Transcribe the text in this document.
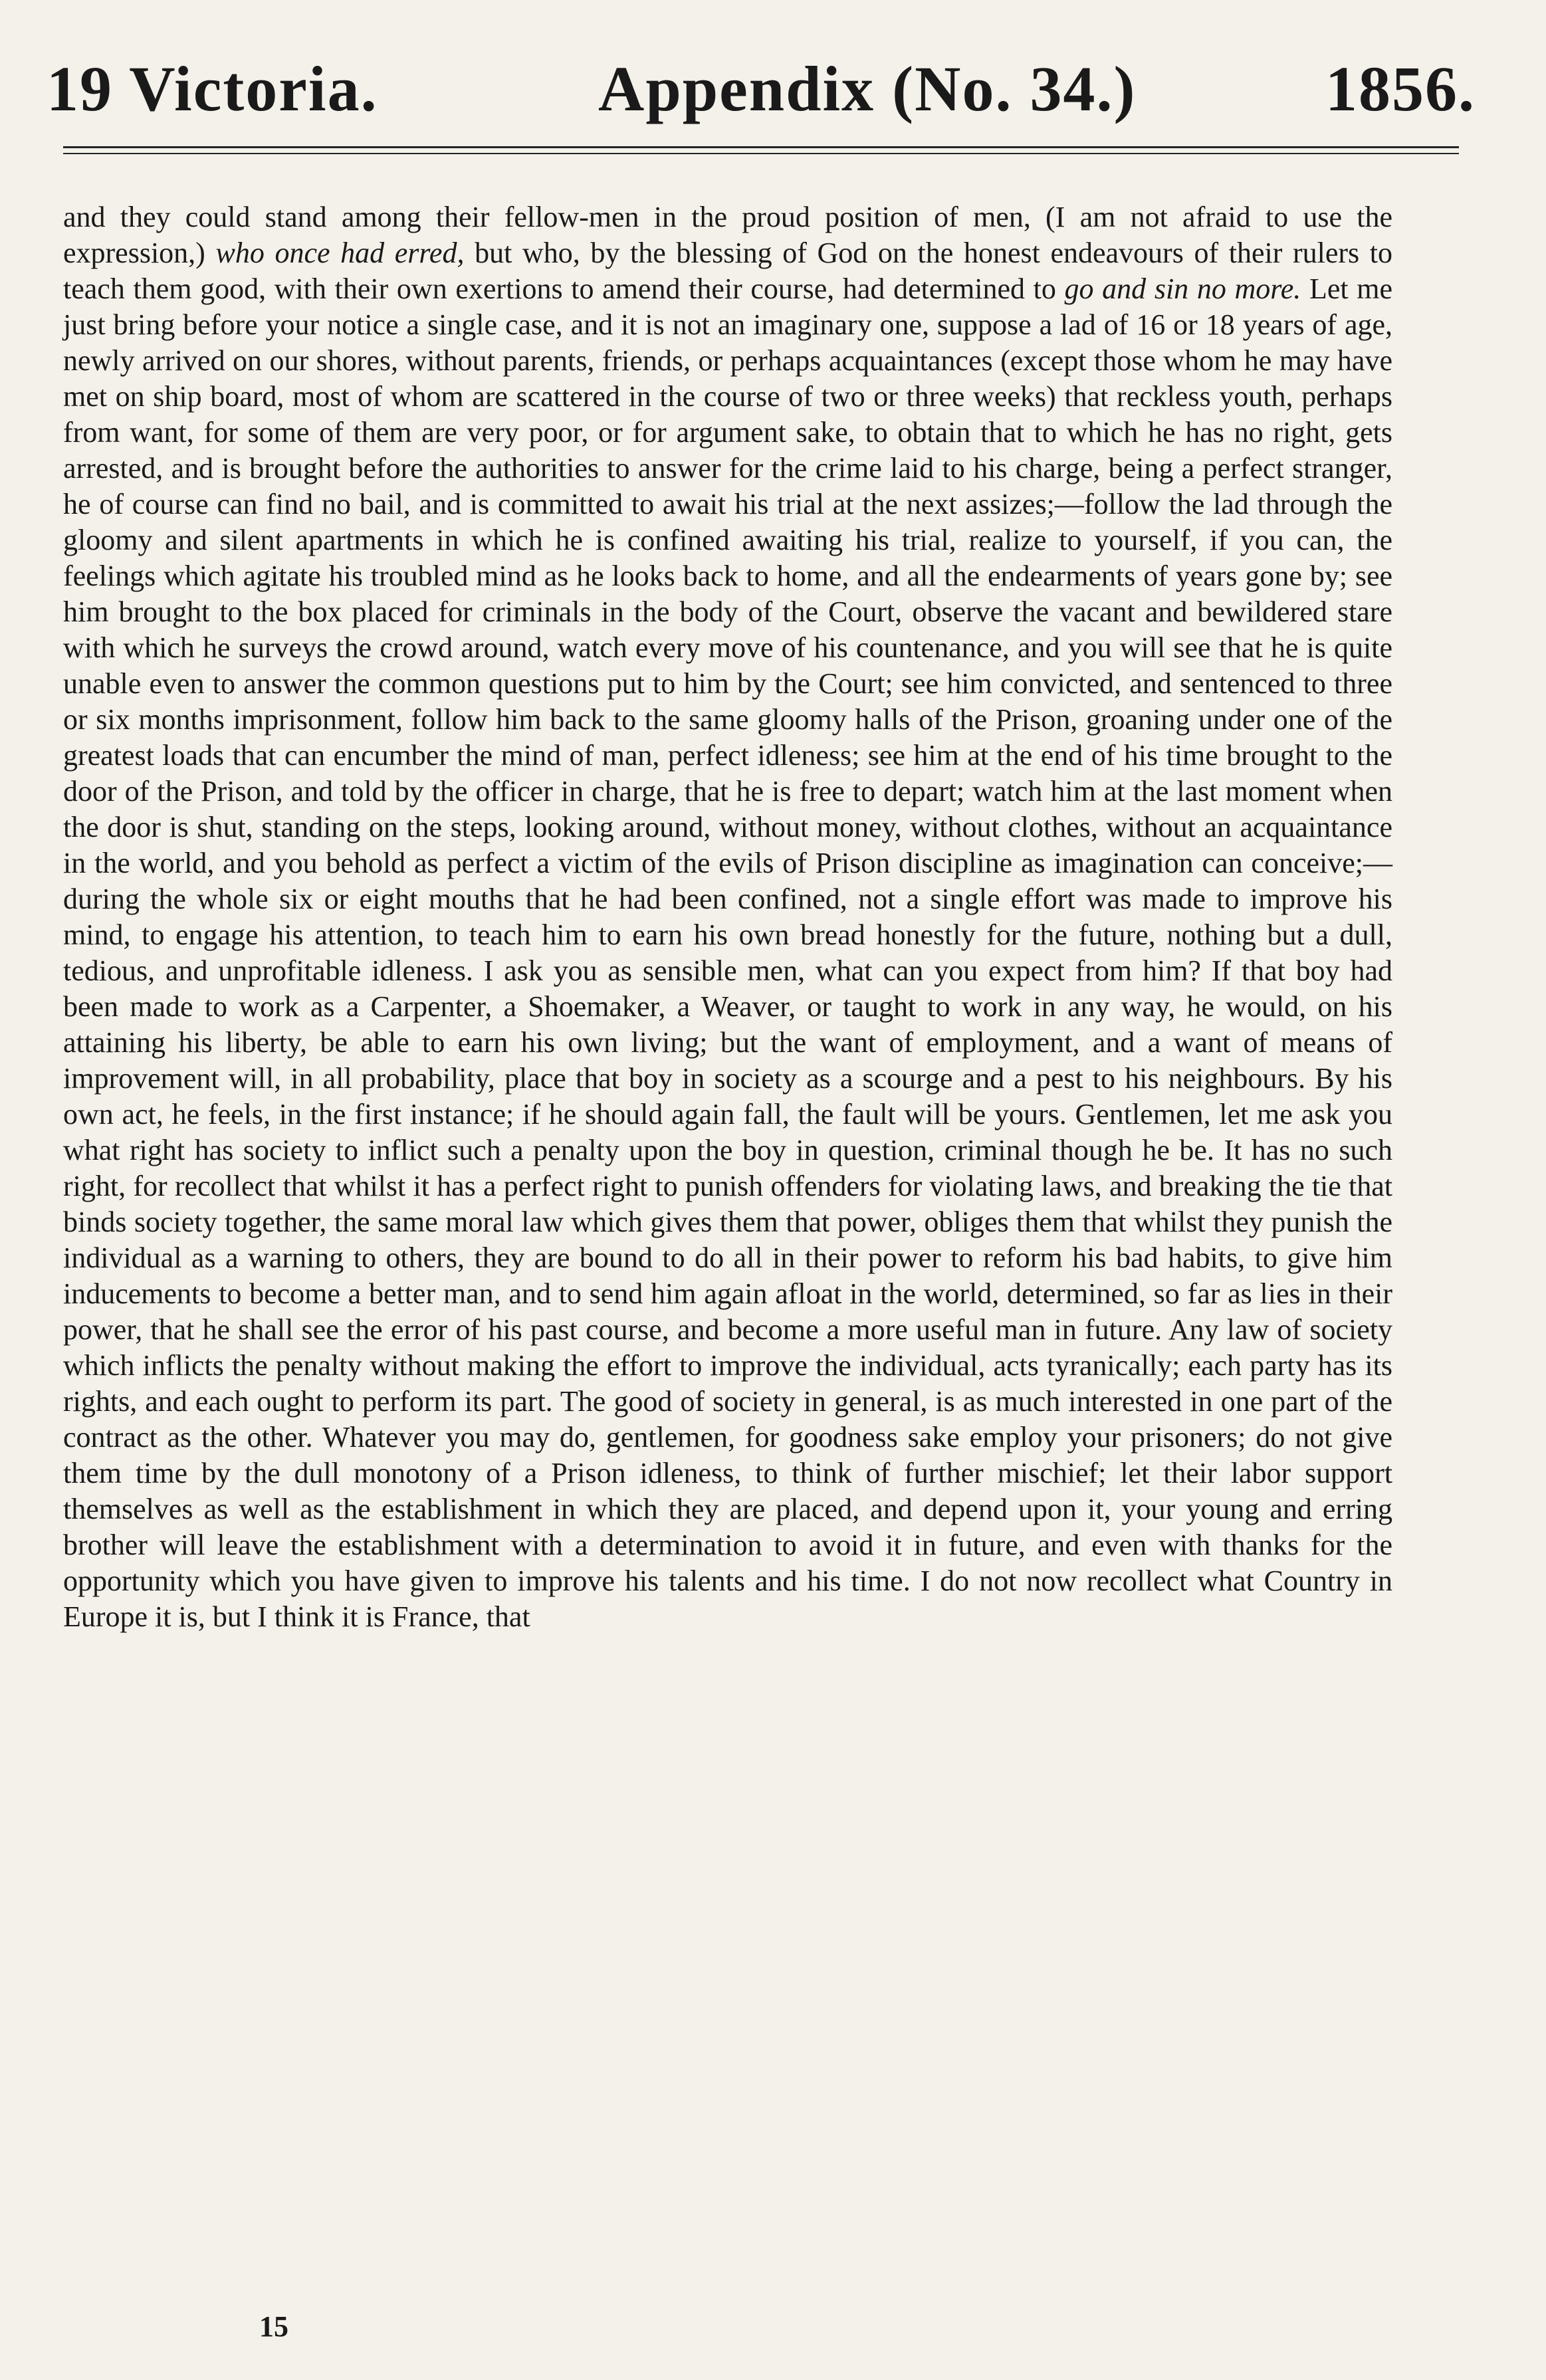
19 Victoria.	Appendix (No. 34.)	1856.

and they could stand among their fellow-men in the proud position of men, (I am not afraid to use the expression,) who once had erred, but who, by the blessing of God on the honest endeavours of their rulers to teach them good, with their own exertions to amend their course, had determined to go and sin no more. Let me just bring before your notice a single case, and it is not an imaginary one, suppose a lad of 16 or 18 years of age, newly arrived on our shores, without parents, friends, or perhaps acquaintances (except those whom he may have met on ship board, most of whom are scattered in the course of two or three weeks) that reckless youth, perhaps from want, for some of them are very poor, or for argument sake, to obtain that to which he has no right, gets arrested, and is brought before the authorities to answer for the crime laid to his charge, being a perfect stranger, he of course can find no bail, and is committed to await his trial at the next assizes;—follow the lad through the gloomy and silent apartments in which he is confined awaiting his trial, realize to yourself, if you can, the feelings which agitate his troubled mind as he looks back to home, and all the endearments of years gone by; see him brought to the box placed for criminals in the body of the Court, observe the vacant and bewildered stare with which he surveys the crowd around, watch every move of his countenance, and you will see that he is quite unable even to answer the common questions put to him by the Court; see him convicted, and sentenced to three or six months imprisonment, follow him back to the same gloomy halls of the Prison, groaning under one of the greatest loads that can encumber the mind of man, perfect idleness; see him at the end of his time brought to the door of the Prison, and told by the officer in charge, that he is free to depart; watch him at the last moment when the door is shut, standing on the steps, looking around, without money, without clothes, without an acquaintance in the world, and you behold as perfect a victim of the evils of Prison discipline as imagination can conceive;—during the whole six or eight mouths that he had been confined, not a single effort was made to improve his mind, to engage his attention, to teach him to earn his own bread honestly for the future, nothing but a dull, tedious, and unprofitable idleness. I ask you as sensible men, what can you expect from him? If that boy had been made to work as a Carpenter, a Shoemaker, a Weaver, or taught to work in any way, he would, on his attaining his liberty, be able to earn his own living; but the want of employment, and a want of means of improvement will, in all probability, place that boy in society as a scourge and a pest to his neighbours. By his own act, he feels, in the first instance; if he should again fall, the fault will be yours. Gentlemen, let me ask you what right has society to inflict such a penalty upon the boy in question, criminal though he be. It has no such right, for recollect that whilst it has a perfect right to punish offenders for violating laws, and breaking the tie that binds society together, the same moral law which gives them that power, obliges them that whilst they punish the individual as a warning to others, they are bound to do all in their power to reform his bad habits, to give him inducements to become a better man, and to send him again afloat in the world, determined, so far as lies in their power, that he shall see the error of his past course, and become a more useful man in future. Any law of society which inflicts the penalty without making the effort to improve the individual, acts tyranically; each party has its rights, and each ought to perform its part. The good of society in general, is as much interested in one part of the contract as the other. Whatever you may do, gentlemen, for goodness sake employ your prisoners; do not give them time by the dull monotony of a Prison idleness, to think of further mischief; let their labor support themselves as well as the establishment in which they are placed, and depend upon it, your young and erring brother will leave the establishment with a determination to avoid it in future, and even with thanks for the opportunity which you have given to improve his talents and his time. I do not now recollect what Country in Europe it is, but I think it is France, that

15
